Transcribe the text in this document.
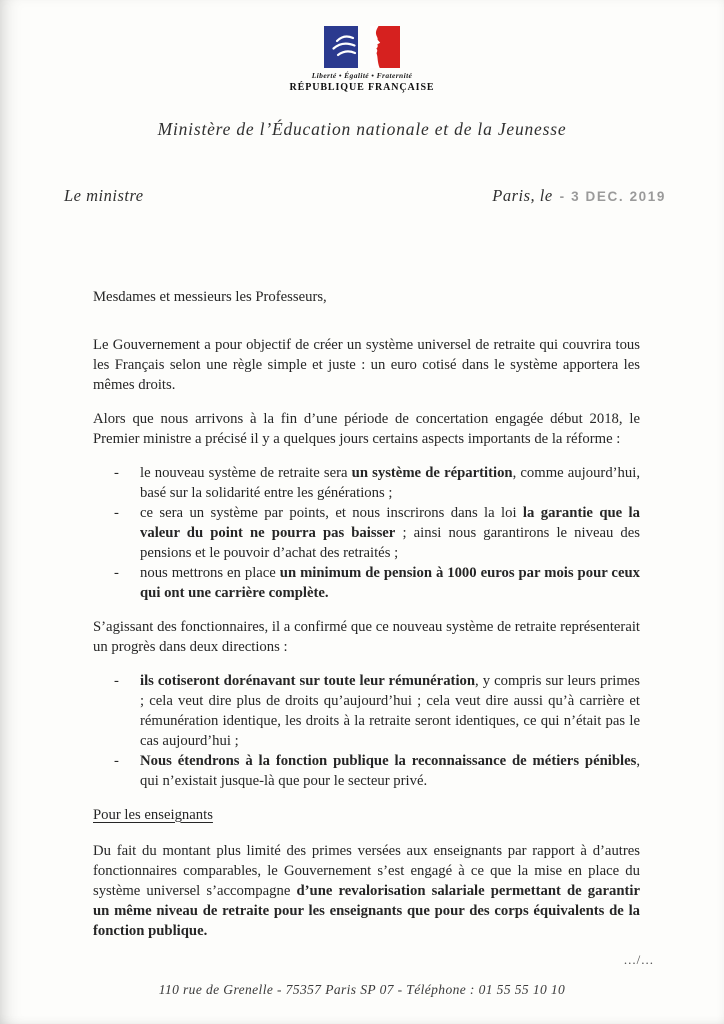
Liberté • Égalité • Fraternité
RÉPUBLIQUE FRANÇAISE
Ministère de l’Éducation nationale et de la Jeunesse
Le ministre	Paris, le - 3 DEC. 2019
Mesdames et messieurs les Professeurs,
Le Gouvernement a pour objectif de créer un système universel de retraite qui couvrira tous les Français selon une règle simple et juste : un euro cotisé dans le système apportera les mêmes droits.
Alors que nous arrivons à la fin d’une période de concertation engagée début 2018, le Premier ministre a précisé il y a quelques jours certains aspects importants de la réforme :
-	le nouveau système de retraite sera un système de répartition, comme aujourd’hui, basé sur la solidarité entre les générations ;
-	ce sera un système par points, et nous inscrirons dans la loi la garantie que la valeur du point ne pourra pas baisser ; ainsi nous garantirons le niveau des pensions et le pouvoir d’achat des retraités ;
-	nous mettrons en place un minimum de pension à 1000 euros par mois pour ceux qui ont une carrière complète.
S’agissant des fonctionnaires, il a confirmé que ce nouveau système de retraite représenterait un progrès dans deux directions :
-	ils cotiseront dorénavant sur toute leur rémunération, y compris sur leurs primes ; cela veut dire plus de droits qu’aujourd’hui ; cela veut dire aussi qu’à carrière et rémunération identique, les droits à la retraite seront identiques, ce qui n’était pas le cas aujourd’hui ;
-	Nous étendrons à la fonction publique la reconnaissance de métiers pénibles, qui n’existait jusque-là que pour le secteur privé.
Pour les enseignants
Du fait du montant plus limité des primes versées aux enseignants par rapport à d’autres fonctionnaires comparables, le Gouvernement s’est engagé à ce que la mise en place du système universel s’accompagne d’une revalorisation salariale permettant de garantir un même niveau de retraite pour les enseignants que pour des corps équivalents de la fonction publique.
.../...
110 rue de Grenelle - 75357 Paris SP 07 - Téléphone : 01 55 55 10 10
